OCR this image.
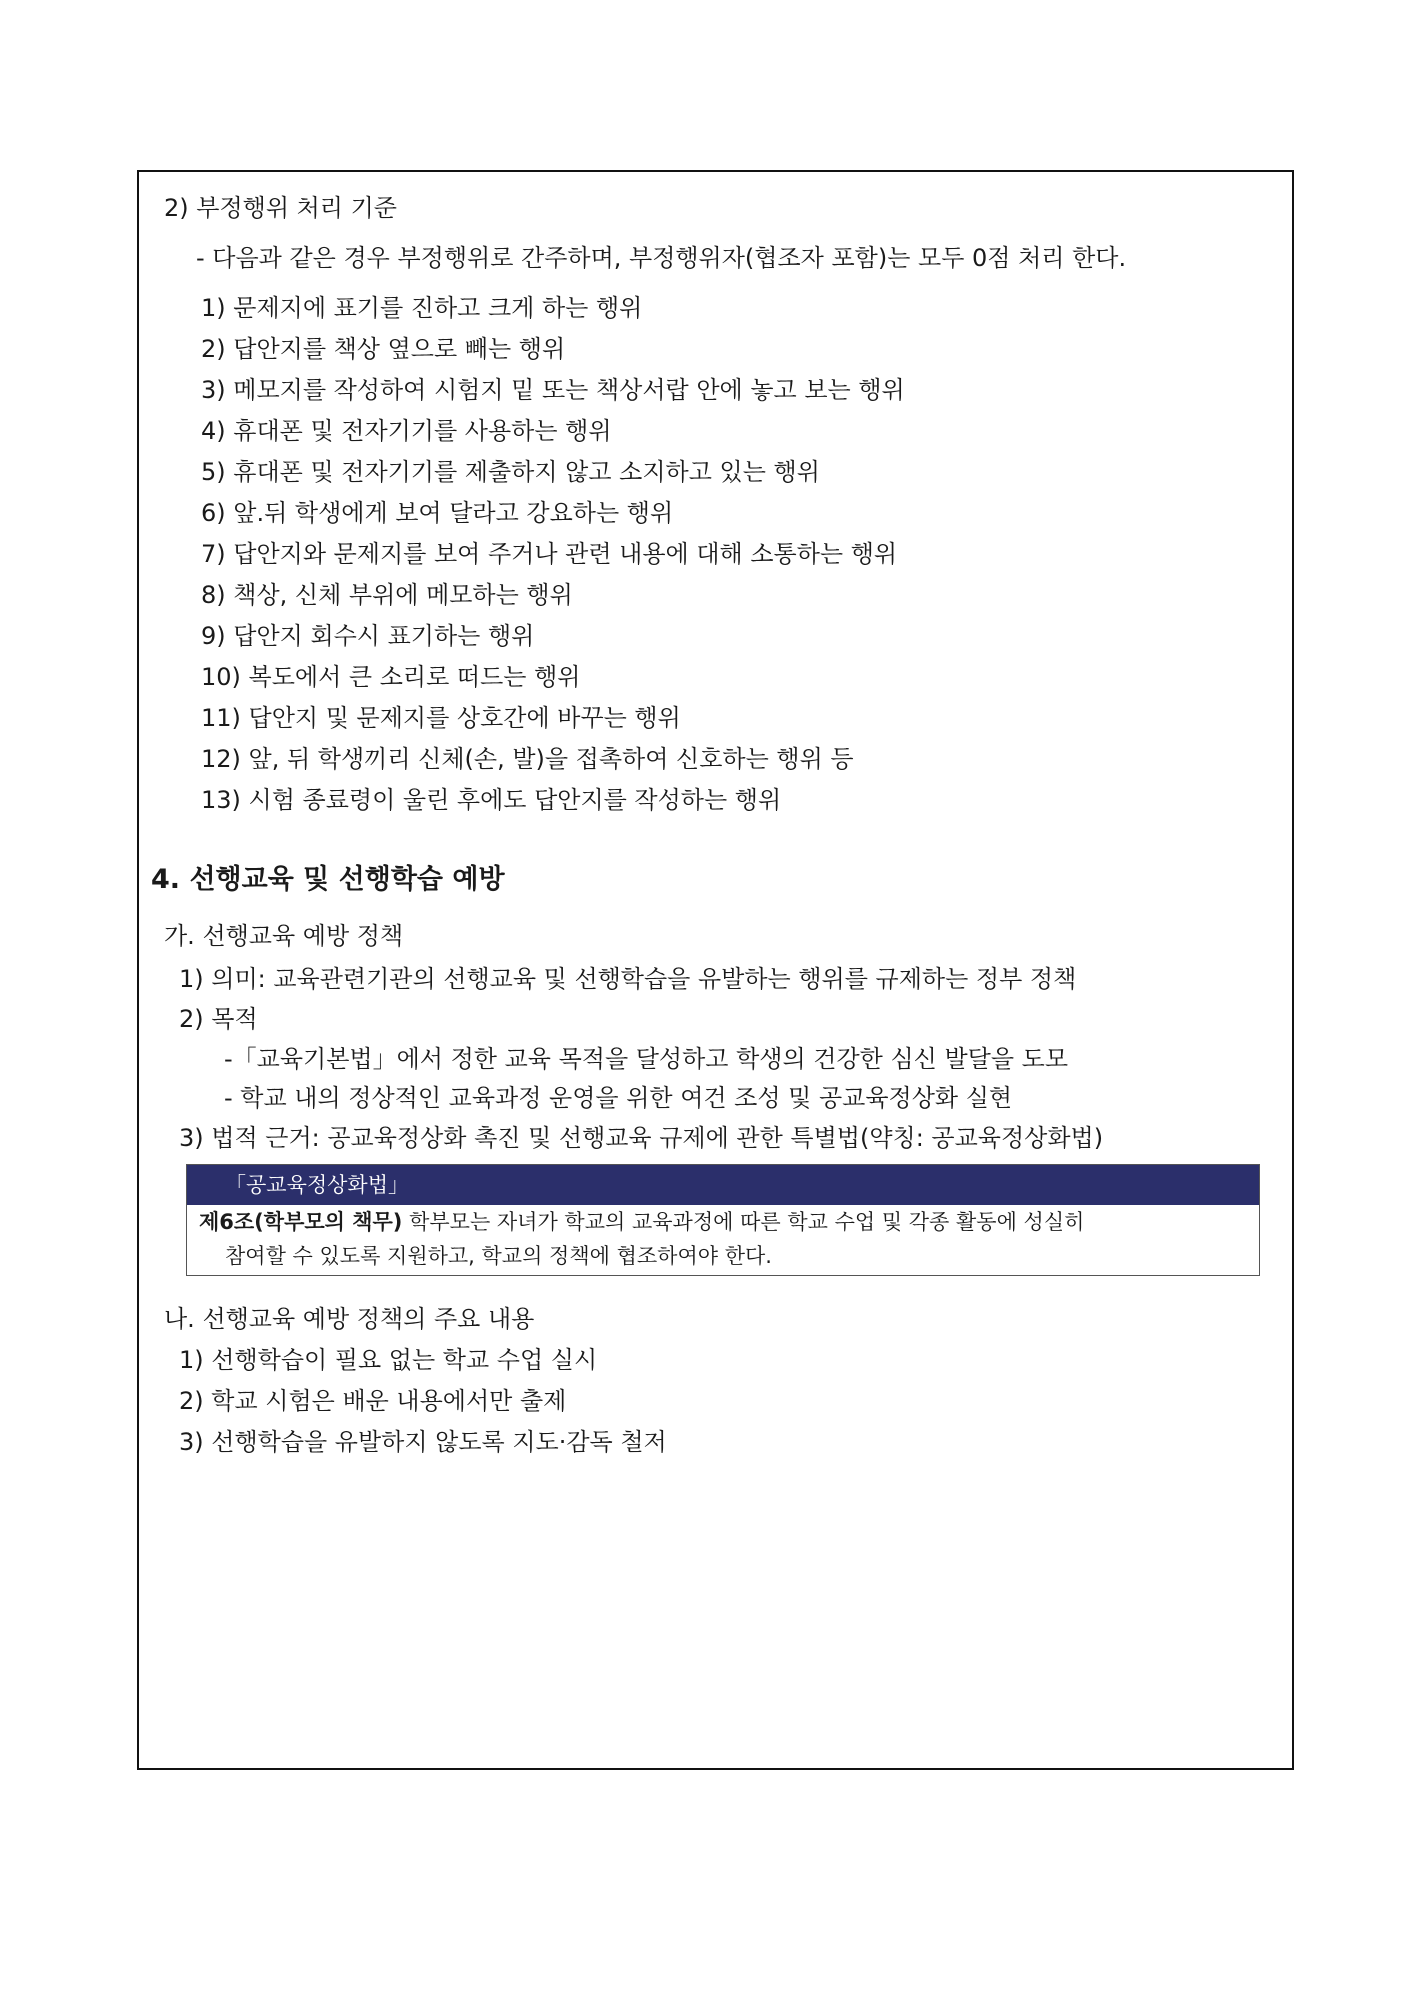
2) 부정행위 처리 기준
- 다음과 같은 경우 부정행위로 간주하며, 부정행위자(협조자 포함)는 모두 0점 처리 한다.
1) 문제지에 표기를 진하고 크게 하는 행위
2) 답안지를 책상 옆으로 빼는 행위
3) 메모지를 작성하여 시험지 밑 또는 책상서랍 안에 놓고 보는 행위
4) 휴대폰 및 전자기기를 사용하는 행위
5) 휴대폰 및 전자기기를 제출하지 않고 소지하고 있는 행위
6) 앞.뒤 학생에게 보여 달라고 강요하는 행위
7) 답안지와 문제지를 보여 주거나 관련 내용에 대해 소통하는 행위
8) 책상, 신체 부위에 메모하는 행위
9) 답안지 회수시 표기하는 행위
10) 복도에서 큰 소리로 떠드는 행위
11) 답안지 및 문제지를 상호간에 바꾸는 행위
12) 앞, 뒤 학생끼리 신체(손, 발)을 접촉하여 신호하는 행위 등
13) 시험 종료령이 울린 후에도 답안지를 작성하는 행위
4. 선행교육 및 선행학습 예방
가. 선행교육 예방 정책
1) 의미: 교육관련기관의 선행교육 및 선행학습을 유발하는 행위를 규제하는 정부 정책
2) 목적
-「교육기본법」에서 정한 교육 목적을 달성하고 학생의 건강한 심신 발달을 도모
- 학교 내의 정상적인 교육과정 운영을 위한 여건 조성 및 공교육정상화 실현
3) 법적 근거: 공교육정상화 촉진 및 선행교육 규제에 관한 특별법(약칭: 공교육정상화법)
「공교육정상화법」
제6조(학부모의 책무) 학부모는 자녀가 학교의 교육과정에 따른 학교 수업 및 각종 활동에 성실히
참여할 수 있도록 지원하고, 학교의 정책에 협조하여야 한다.
나. 선행교육 예방 정책의 주요 내용
1) 선행학습이 필요 없는 학교 수업 실시
2) 학교 시험은 배운 내용에서만 출제
3) 선행학습을 유발하지 않도록 지도·감독 철저
